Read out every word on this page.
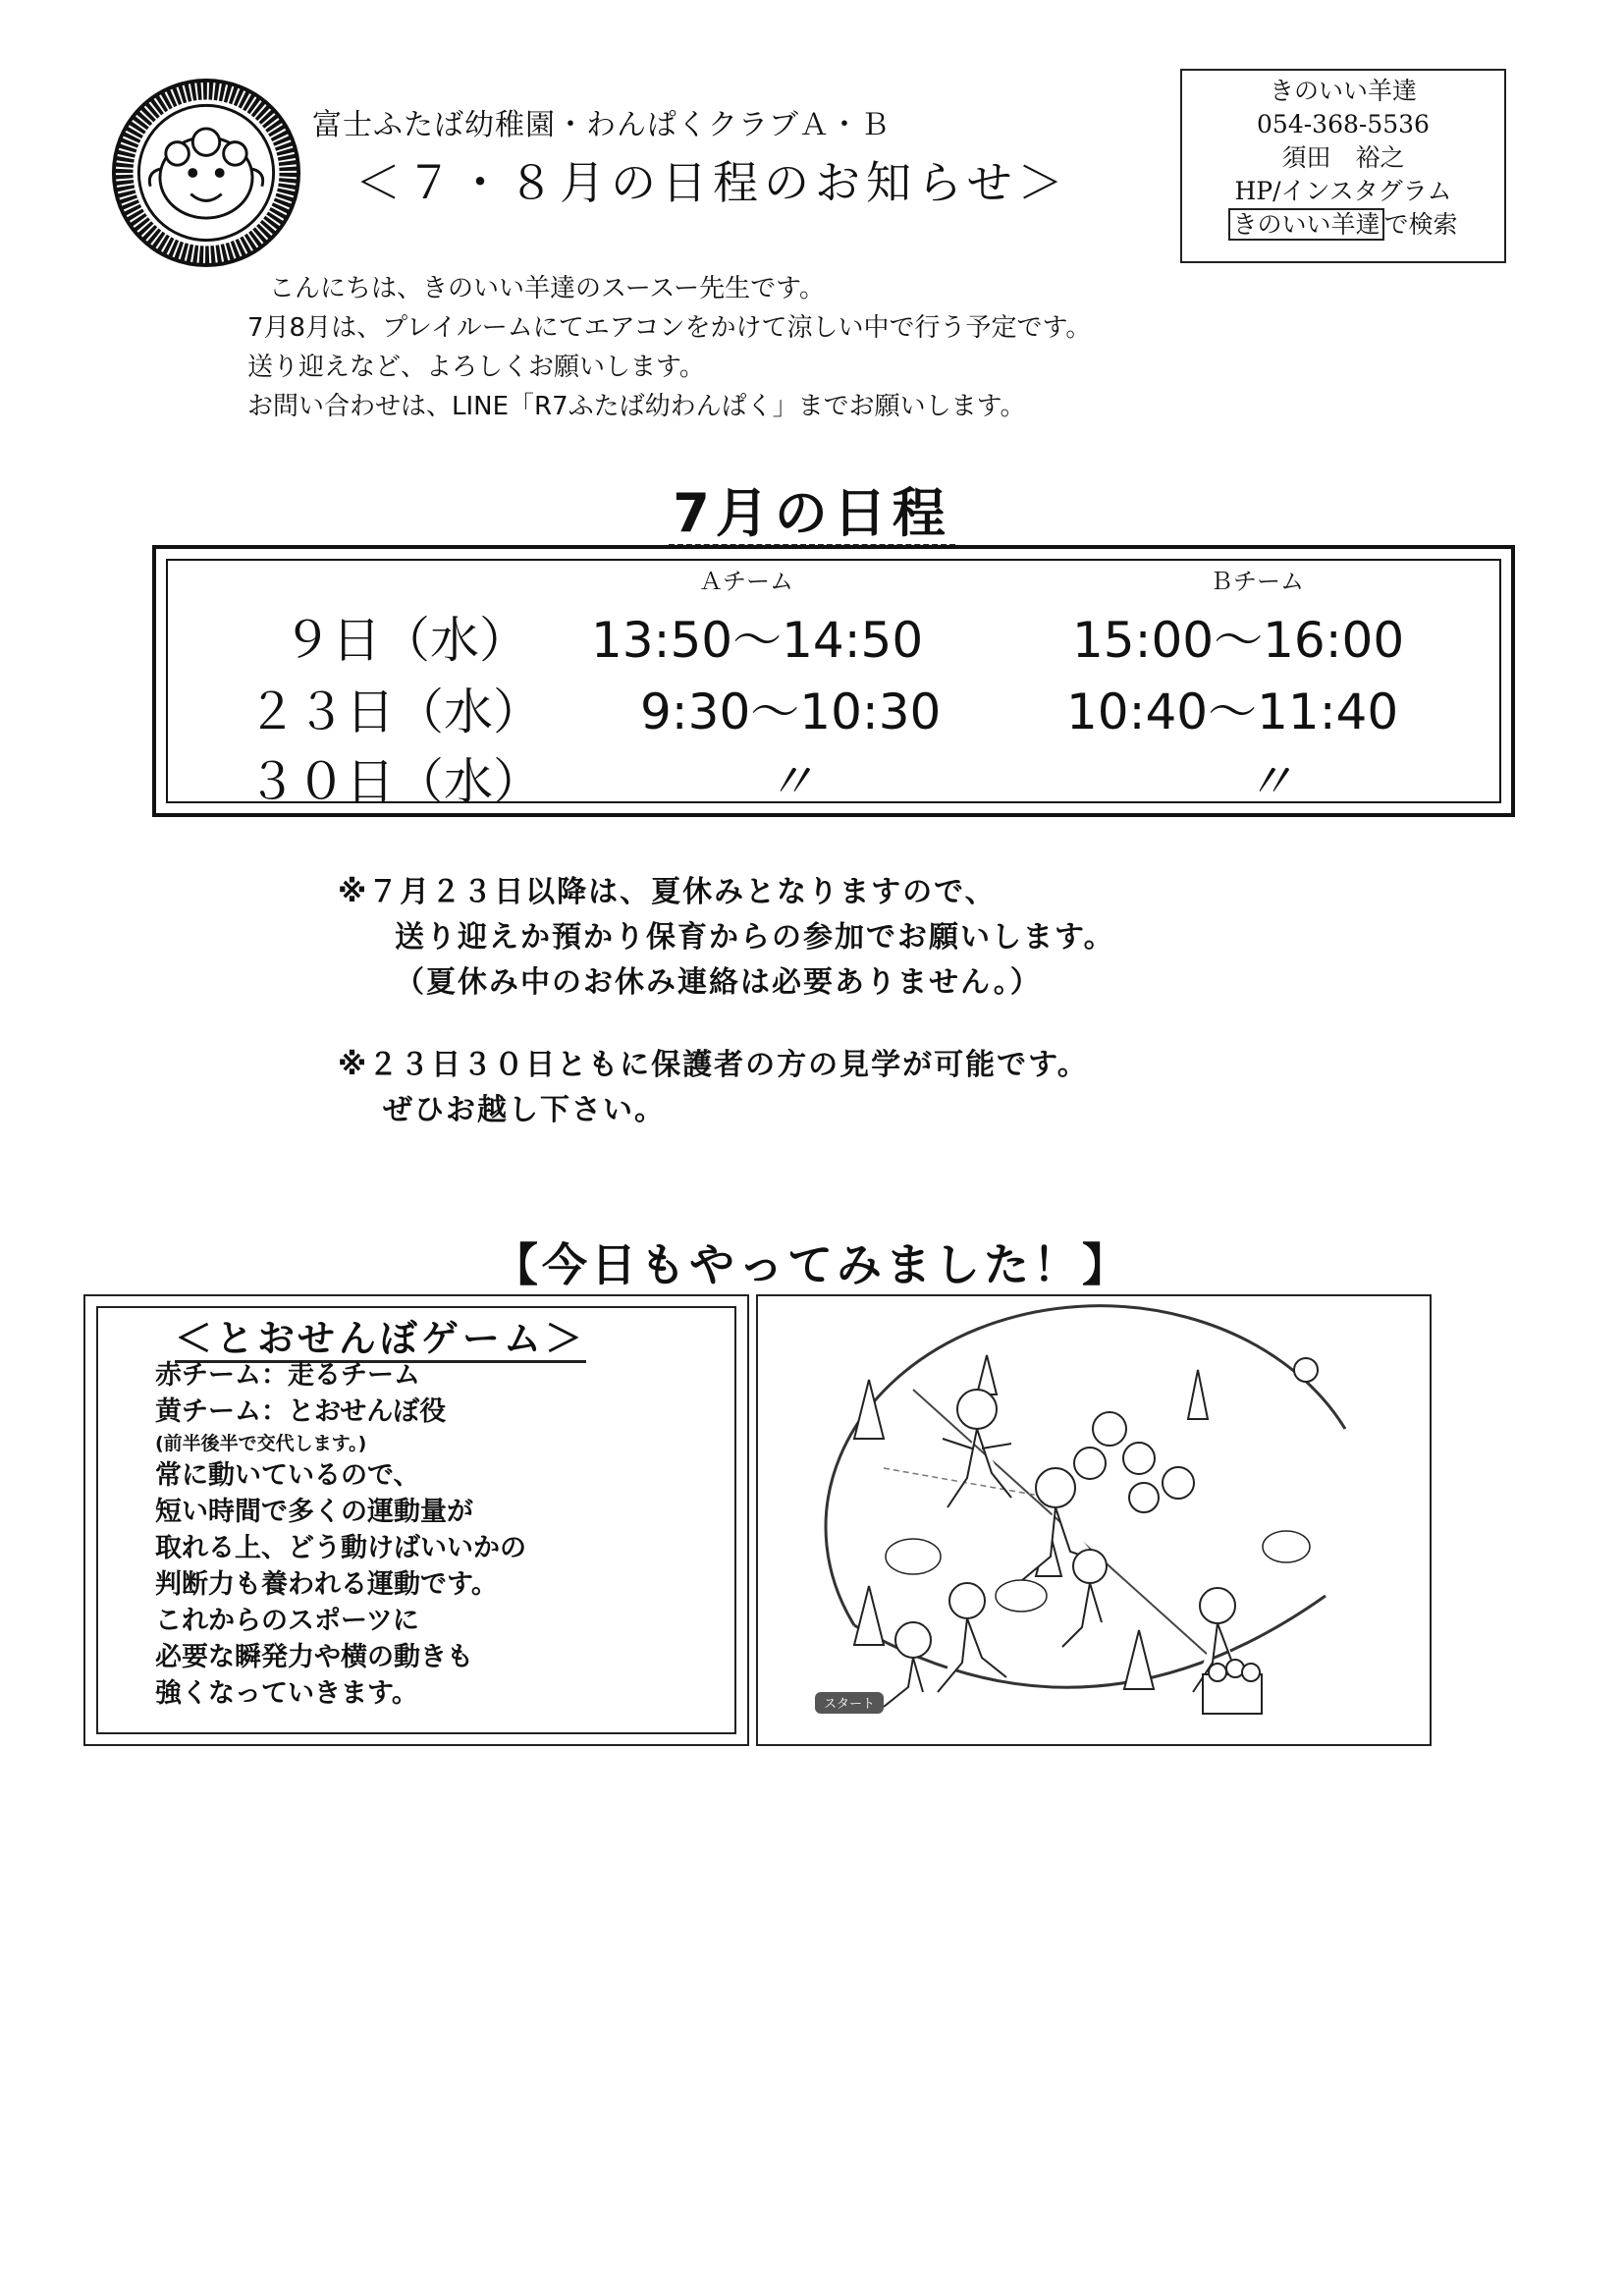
富士ふたば幼稚園・わんぱくクラブＡ・Ｂ
＜７・８月の日程のお知らせ＞
きのいい羊達
054-368-5536
須田　裕之
HP/インスタグラム
きのいい羊達 で検索
こんにちは、きのいい羊達のスースー先生です。
7月8月は、プレイルームにてエアコンをかけて涼しい中で行う予定です。
送り迎えなど、よろしくお願いします。
お問い合わせは、LINE「R7ふたば幼わんぱく」までお願いします。
7月の日程
Ａチーム	Ｂチーム
９日（水） 13:50～14:50	15:00～16:00
２３日（水） 9:30～10:30	10:40～11:40
３０日（水）	〃	〃
※７月２３日以降は、夏休みとなりますので、
送り迎えか預かり保育からの参加でお願いします。
（夏休み中のお休み連絡は必要ありません。）
※２３日３０日ともに保護者の方の見学が可能です。
ぜひお越し下さい。
【今日もやってみました！】
＜とおせんぼゲーム＞
赤チーム：走るチーム
黄チーム：とおせんぼ役
(前半後半で交代します。)
常に動いているので、
短い時間で多くの運動量が
取れる上、どう動けばいいかの
判断力も養われる運動です。
これからのスポーツに
必要な瞬発力や横の動きも
強くなっていきます。	スタート
